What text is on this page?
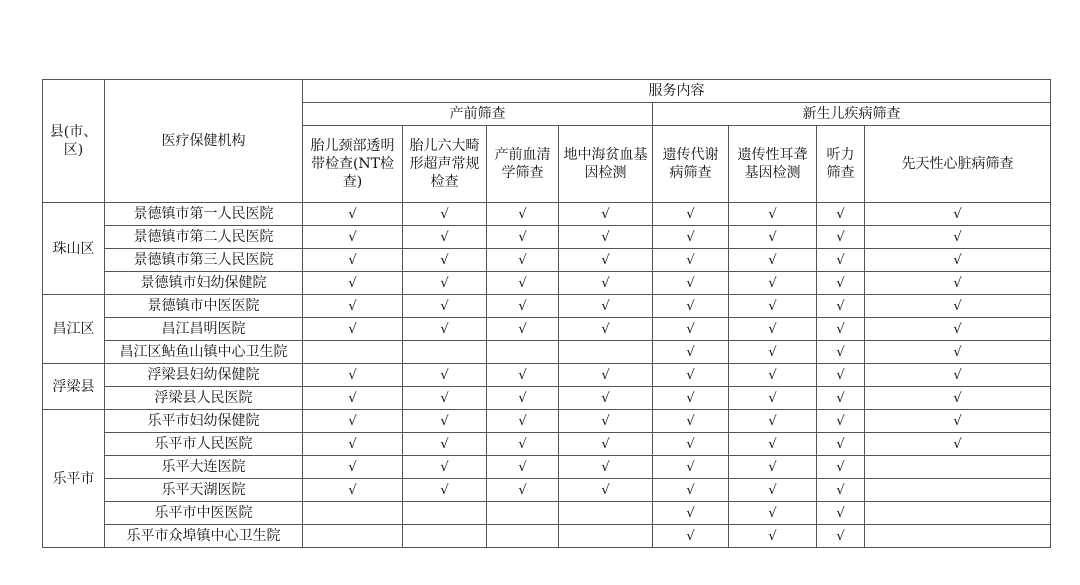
县(市、区)	医疗保健机构	服务内容							
		产前筛查				新生儿疾病筛查			

		胎儿颈部透明带检查(NT检查)	胎儿六大畸形超声常规检查	产前血清学筛查	地中海贫血基因检测	遗传代谢病筛查	遗传性耳聋基因检测	听力筛查	先天性心脏病筛查

珠山区	景德镇市第一人民医院	√	√	√	√	√	√	√	√
	景德镇市第二人民医院	√	√	√	√	√	√	√	√
	景德镇市第三人民医院	√	√	√	√	√	√	√	√
	景德镇市妇幼保健院	√	√	√	√	√	√	√	√
昌江区	景德镇市中医医院	√	√	√	√	√	√	√	√
	昌江昌明医院	√	√	√	√	√	√	√	√
	昌江区鲇鱼山镇中心卫生院					√	√	√	√
浮梁县	浮梁县妇幼保健院	√	√	√	√	√	√	√	√
	浮梁县人民医院	√	√	√	√	√	√	√	√
乐平市	乐平市妇幼保健院	√	√	√	√	√	√	√	√
	乐平市人民医院	√	√	√	√	√	√	√	√
	乐平大连医院	√	√	√	√	√	√	√	
	乐平天湖医院	√	√	√	√	√	√	√	
	乐平市中医医院					√	√	√	
	乐平市众埠镇中心卫生院					√	√	√	
